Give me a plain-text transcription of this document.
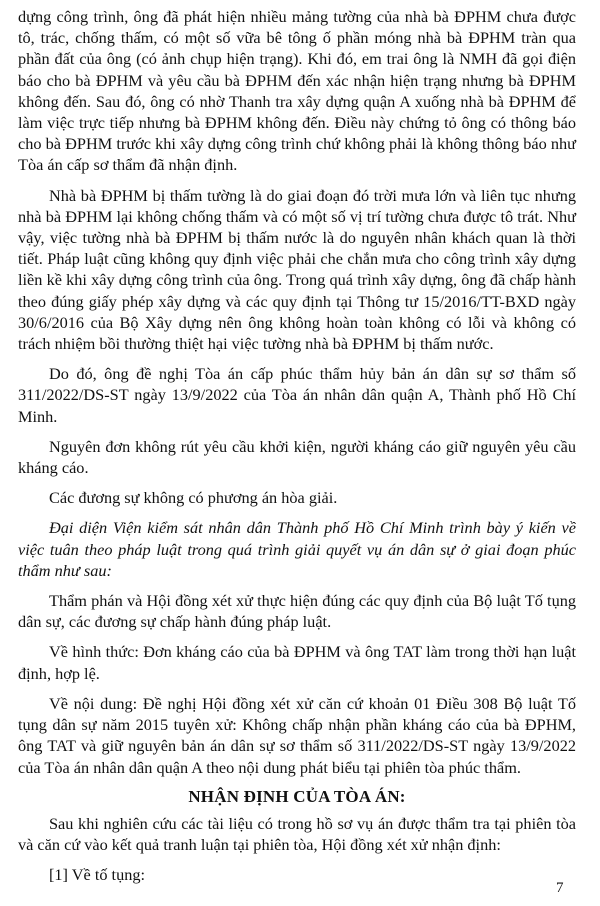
dựng công trình, ông đã phát hiện nhiều mảng tường của nhà bà ĐPHM chưa được tô, trác, chống thấm, có một số vữa bê tông ố phần móng nhà bà ĐPHM tràn qua phần đất của ông (có ảnh chụp hiện trạng). Khi đó, em trai ông là NMH đã gọi điện báo cho bà ĐPHM và yêu cầu bà ĐPHM đến xác nhận hiện trạng nhưng bà ĐPHM không đến. Sau đó, ông có nhờ Thanh tra xây dựng quận A xuống nhà bà ĐPHM để làm việc trực tiếp nhưng bà ĐPHM không đến. Điều này chứng tỏ ông có thông báo cho bà ĐPHM trước khi xây dựng công trình chứ không phải là không thông báo như Tòa án cấp sơ thẩm đã nhận định.

Nhà bà ĐPHM bị thấm tường là do giai đoạn đó trời mưa lớn và liên tục nhưng nhà bà ĐPHM lại không chống thấm và có một số vị trí tường chưa được tô trát. Như vậy, việc tường nhà bà ĐPHM bị thấm nước là do nguyên nhân khách quan là thời tiết. Pháp luật cũng không quy định việc phải che chắn mưa cho công trình xây dựng liền kề khi xây dựng công trình của ông. Trong quá trình xây dựng, ông đã chấp hành theo đúng giấy phép xây dựng và các quy định tại Thông tư 15/2016/TT-BXD ngày 30/6/2016 của Bộ Xây dựng nên ông không hoàn toàn không có lỗi và không có trách nhiệm bồi thường thiệt hại việc tường nhà bà ĐPHM bị thấm nước.

Do đó, ông đề nghị Tòa án cấp phúc thẩm hủy bản án dân sự sơ thẩm số 311/2022/DS-ST ngày 13/9/2022 của Tòa án nhân dân quận A, Thành phố Hồ Chí Minh.

Nguyên đơn không rút yêu cầu khởi kiện, người kháng cáo giữ nguyên yêu cầu kháng cáo.

Các đương sự không có phương án hòa giải.

Đại diện Viện kiểm sát nhân dân Thành phố Hồ Chí Minh trình bày ý kiến về việc tuân theo pháp luật trong quá trình giải quyết vụ án dân sự ở giai đoạn phúc thẩm như sau:

Thẩm phán và Hội đồng xét xử thực hiện đúng các quy định của Bộ luật Tố tụng dân sự, các đương sự chấp hành đúng pháp luật.

Về hình thức: Đơn kháng cáo của bà ĐPHM và ông TAT làm trong thời hạn luật định, hợp lệ.

Về nội dung: Đề nghị Hội đồng xét xử căn cứ khoản 01 Điều 308 Bộ luật Tố tụng dân sự năm 2015 tuyên xử: Không chấp nhận phần kháng cáo của bà ĐPHM, ông TAT và giữ nguyên bản án dân sự sơ thẩm số 311/2022/DS-ST ngày 13/9/2022 của Tòa án nhân dân quận A theo nội dung phát biểu tại phiên tòa phúc thẩm.

NHẬN ĐỊNH CỦA TÒA ÁN:

Sau khi nghiên cứu các tài liệu có trong hồ sơ vụ án được thẩm tra tại phiên tòa và căn cứ vào kết quả tranh luận tại phiên tòa, Hội đồng xét xử nhận định:

[1] Về tố tụng:

7
